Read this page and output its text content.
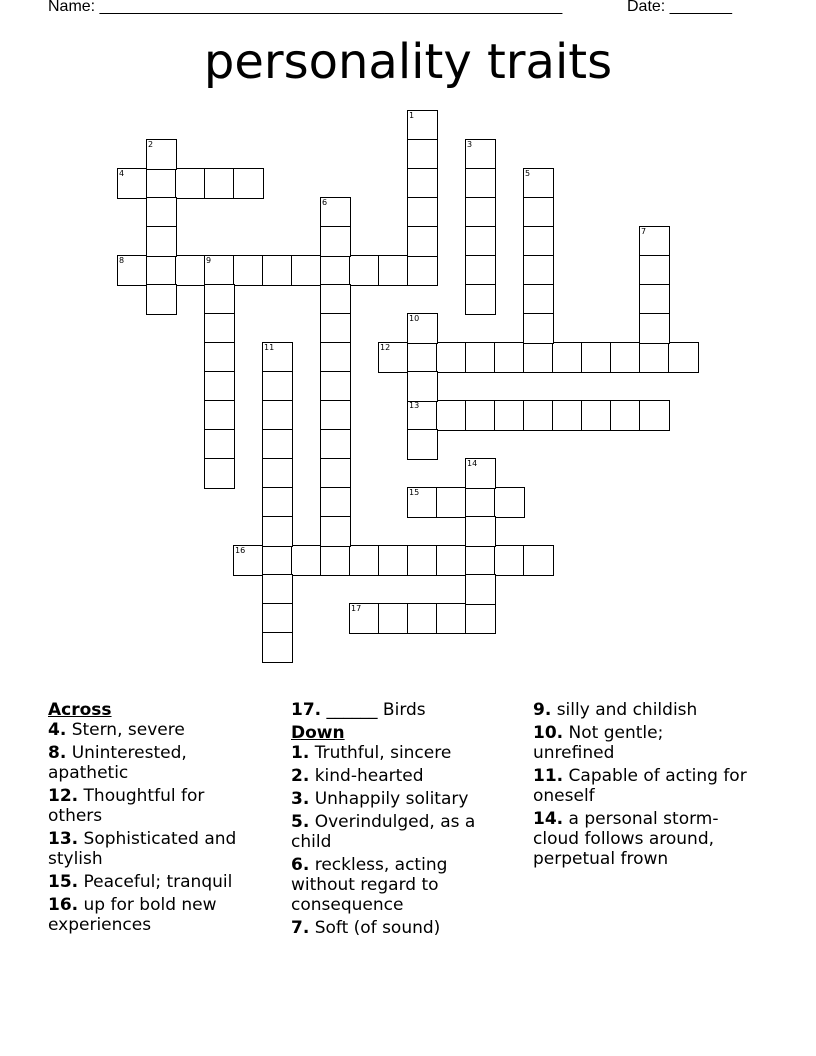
Name: ____________________________________________________	Date: _______
personality traits
4
8
12
13
15
16
17
1
2	3
5
6
7
9
10
11
14
Across
4. Stern, severe
8. Uninterested, apathetic
12. Thoughtful for others
13. Sophisticated and stylish
15. Peaceful; tranquil
16. up for bold new experiences
17. ______ Birds
Down
1. Truthful, sincere
2. kind-hearted
3. Unhappily solitary
5. Overindulged, as a child
6. reckless, acting without regard to consequence
7. Soft (of sound)
9. silly and childish
10. Not gentle; unrefined
11. Capable of acting for oneself
14. a personal storm-cloud follows around, perpetual frown
